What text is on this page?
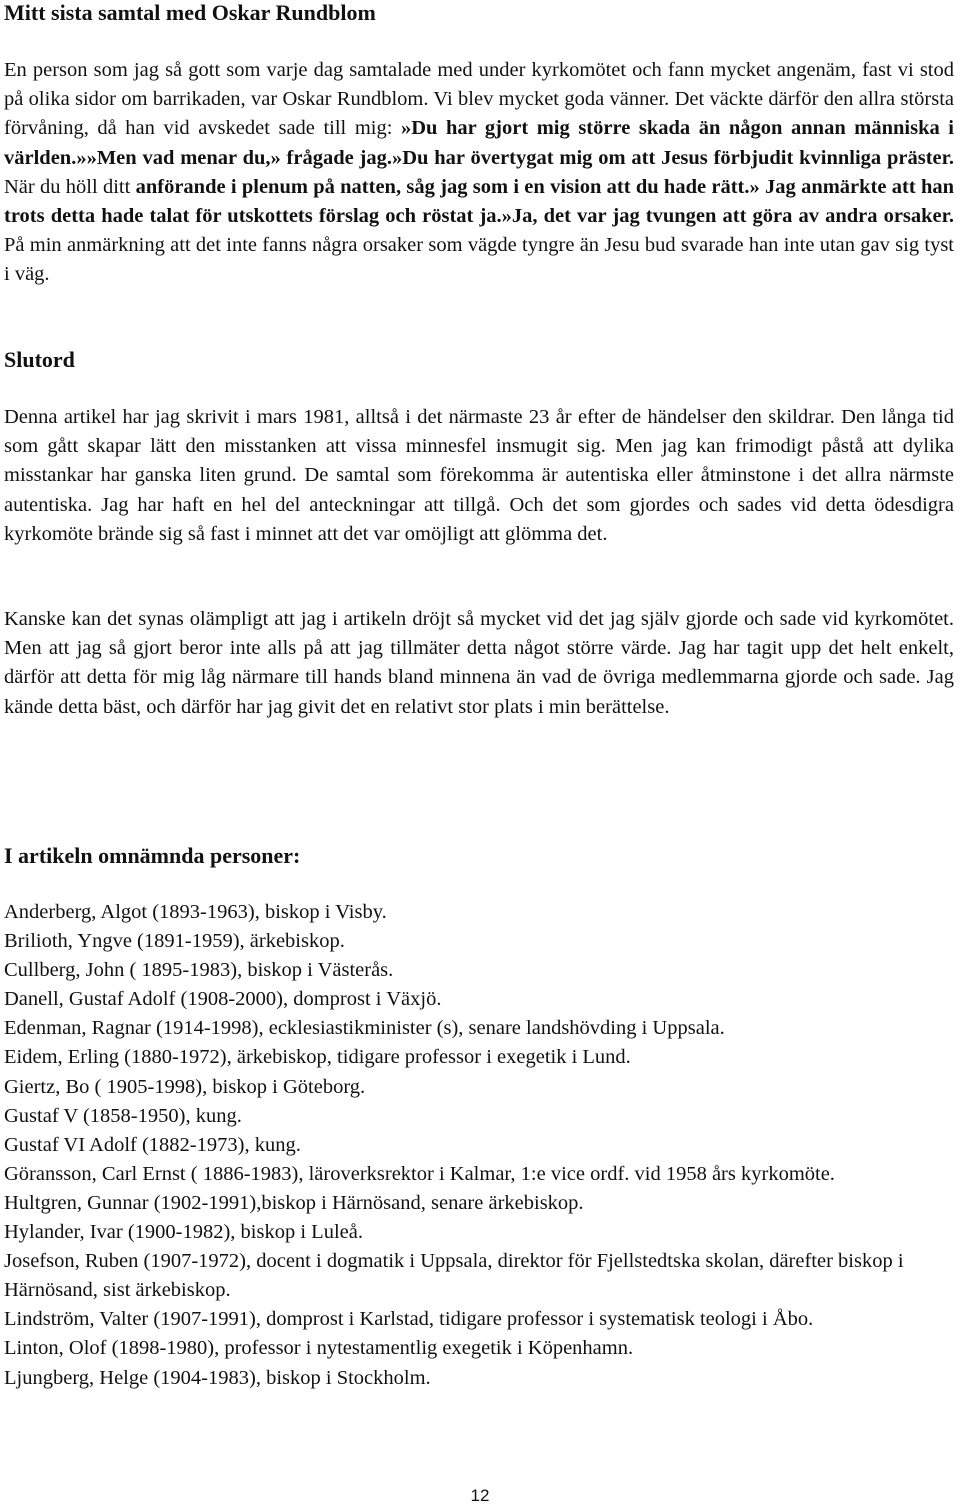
Mitt sista samtal med Oskar Rundblom

En person som jag så gott som varje dag samtalade med under kyrkomötet och fann mycket angenäm, fast vi stod på olika sidor om barrikaden, var Oskar Rundblom. Vi blev mycket goda vänner. Det väckte därför den allra största förvåning, då han vid avskedet sade till mig: »Du har gjort mig större skada än någon annan människa i världen.»»Men vad menar du,» frågade jag.»Du har övertygat mig om att Jesus förbjudit kvinnliga präster. När du höll ditt anförande i plenum på natten, såg jag som i en vision att du hade rätt.» Jag anmärkte att han trots detta hade talat för utskottets förslag och röstat ja.»Ja, det var jag tvungen att göra av andra orsaker. På min anmärkning att det inte fanns några orsaker som vägde tyngre än Jesu bud svarade han inte utan gav sig tyst i väg.

Slutord

Denna artikel har jag skrivit i mars 1981, alltså i det närmaste 23 år efter de händelser den skildrar. Den långa tid som gått skapar lätt den misstanken att vissa minnesfel insmugit sig. Men jag kan frimodigt påstå att dylika misstankar har ganska liten grund. De samtal som förekomma är autentiska eller åtminstone i det allra närmste autentiska. Jag har haft en hel del anteckningar att tillgå. Och det som gjordes och sades vid detta ödesdigra kyrkomöte brände sig så fast i minnet att det var omöjligt att glömma det.

Kanske kan det synas olämpligt att jag i artikeln dröjt så mycket vid det jag själv gjorde och sade vid kyrkomötet. Men att jag så gjort beror inte alls på att jag tillmäter detta något större värde. Jag har tagit upp det helt enkelt, därför att detta för mig låg närmare till hands bland minnena än vad de övriga medlemmarna gjorde och sade. Jag kände detta bäst, och därför har jag givit det en relativt stor plats i min berättelse.

I artikeln omnämnda personer:
Anderberg, Algot (1893-1963), biskop i Visby.
Brilioth, Yngve (1891-1959), ärkebiskop.
Cullberg, John ( 1895-1983), biskop i Västerås.
Danell, Gustaf Adolf (1908-2000), domprost i Växjö.
Edenman, Ragnar (1914-1998), ecklesiastikminister (s), senare landshövding i Uppsala.
Eidem, Erling (1880-1972), ärkebiskop, tidigare professor i exegetik i Lund.
Giertz, Bo ( 1905-1998), biskop i Göteborg.
Gustaf V (1858-1950), kung.
Gustaf VI Adolf (1882-1973), kung.
Göransson, Carl Ernst ( 1886-1983), läroverksrektor i Kalmar, 1:e vice ordf. vid 1958 års kyrkomöte.
Hultgren, Gunnar (1902-1991),biskop i Härnösand, senare ärkebiskop.
Hylander, Ivar (1900-1982), biskop i Luleå.
Josefson, Ruben (1907-1972), docent i dogmatik i Uppsala, direktor för Fjellstedtska skolan, därefter biskop i Härnösand, sist ärkebiskop.
Lindström, Valter (1907-1991), domprost i Karlstad, tidigare professor i systematisk teologi i Åbo.
Linton, Olof (1898-1980), professor i nytestamentlig exegetik i Köpenhamn.
Ljungberg, Helge (1904-1983), biskop i Stockholm.
12
